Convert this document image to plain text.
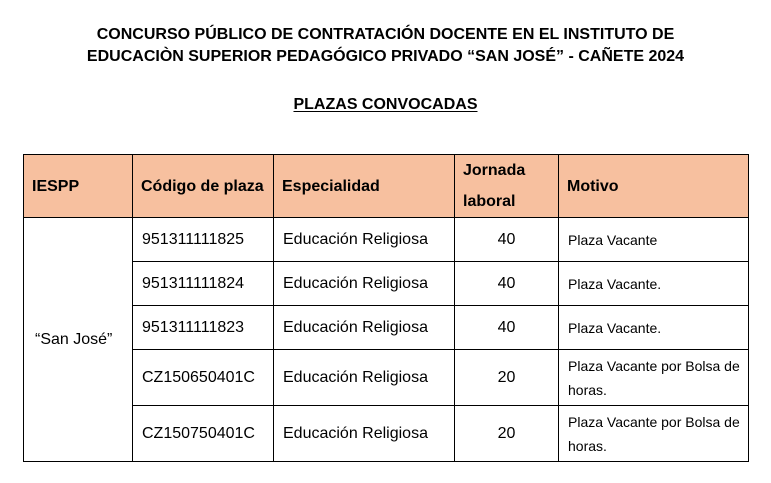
CONCURSO PÚBLICO DE CONTRATACIÓN DOCENTE EN EL INSTITUTO DE
EDUCACIÒN SUPERIOR PEDAGÓGICO PRIVADO “SAN JOSÉ” - CAÑETE 2024
PLAZAS CONVOCADAS
IESPP	Código de plaza	Especialidad	Jornada laboral	Motivo
“San José”	951311111825	Educación Religiosa	40	Plaza Vacante
	951311111824	Educación Religiosa	40	Plaza Vacante.
	951311111823	Educación Religiosa	40	Plaza Vacante.
	CZ150650401C	Educación Religiosa	20	Plaza Vacante por Bolsa de horas.
	CZ150750401C	Educación Religiosa	20	Plaza Vacante por Bolsa de horas.
